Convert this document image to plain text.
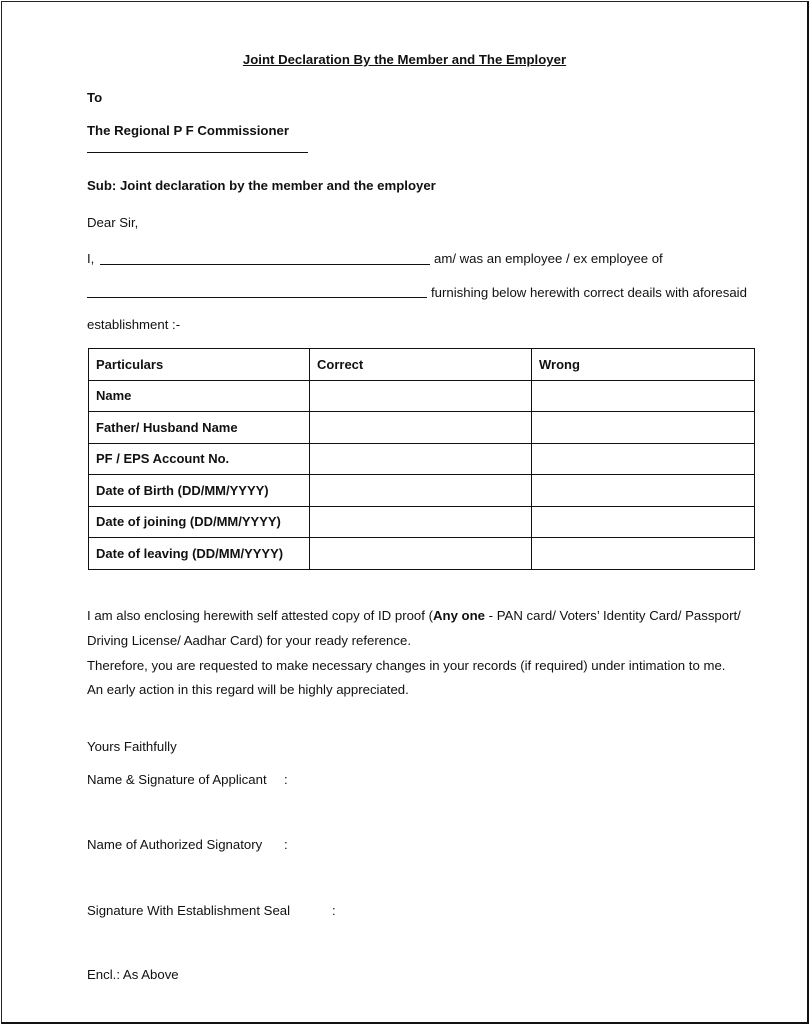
Joint Declaration By the Member and The Employer
To
The Regional P F Commissioner
Sub: Joint declaration by the member and the employer
Dear Sir,
I,	am/ was an employee / ex employee of
furnishing below herewith correct deails with aforesaid
establishment :-
Particulars	Correct	Wrong
Name		
Father/ Husband Name		
PF / EPS Account No.		
Date of Birth (DD/MM/YYYY)		
Date of joining (DD/MM/YYYY)		
Date of leaving (DD/MM/YYYY)		
I am also enclosing herewith self attested copy of ID proof (Any one - PAN card/ Voters’ Identity Card/ Passport/
Driving License/ Aadhar Card) for your ready reference.
Therefore, you are requested to make necessary changes in your records (if required) under intimation to me.
An early action in this regard will be highly appreciated.
Yours Faithfully
Name & Signature of Applicant :
Name of Authorized Signatory :
Signature With Establishment Seal	:
Encl.: As Above
